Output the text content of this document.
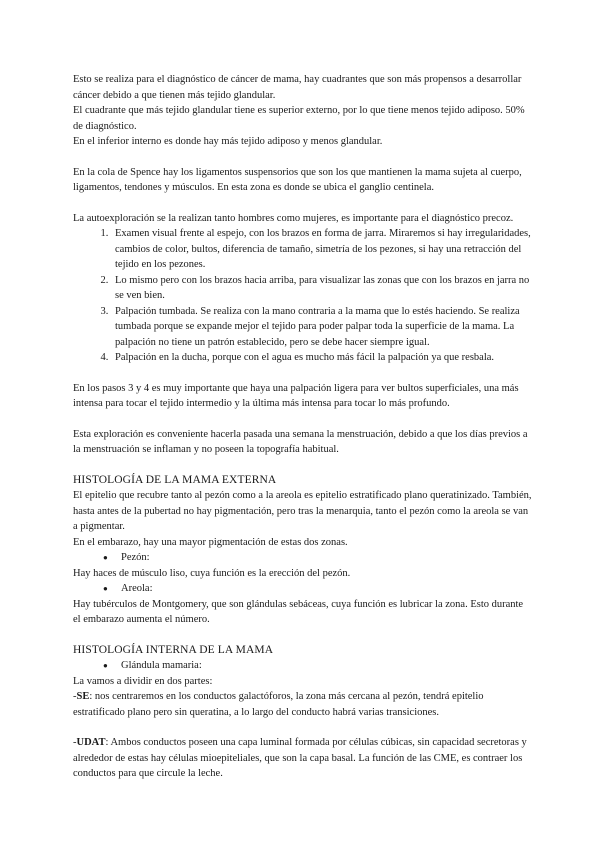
Esto se realiza para el diagnóstico de cáncer de mama, hay cuadrantes que son más propensos a desarrollar cáncer debido a que tienen más tejido glandular.

El cuadrante que más tejido glandular tiene es superior externo, por lo que tiene menos tejido adiposo. 50% de diagnóstico.

En el inferior interno es donde hay más tejido adiposo y menos glandular.

En la cola de Spence hay los ligamentos suspensorios que son los que mantienen la mama sujeta al cuerpo, ligamentos, tendones y músculos. En esta zona es donde se ubica el ganglio centinela.

La autoexploración se la realizan tanto hombres como mujeres, es importante para el diagnóstico precoz.

1. Examen visual frente al espejo, con los brazos en forma de jarra. Miraremos si hay irregularidades, cambios de color, bultos, diferencia de tamaño, simetría de los pezones, si hay una retracción del tejido en los pezones.
2. Lo mismo pero con los brazos hacia arriba, para visualizar las zonas que con los brazos en jarra no se ven bien.
3. Palpación tumbada. Se realiza con la mano contraria a la mama que lo estés haciendo. Se realiza tumbada porque se expande mejor el tejido para poder palpar toda la superficie de la mama. La palpación no tiene un patrón establecido, pero se debe hacer siempre igual.
4. Palpación en la ducha, porque con el agua es mucho más fácil la palpación ya que resbala.

En los pasos 3 y 4 es muy importante que haya una palpación ligera para ver bultos superficiales, una más intensa para tocar el tejido intermedio y la última más intensa para tocar lo más profundo.

Esta exploración es conveniente hacerla pasada una semana la menstruación, debido a que los días previos a la menstruación se inflaman y no poseen la topografía habitual.

HISTOLOGÍA DE LA MAMA EXTERNA

El epitelio que recubre tanto al pezón como a la areola es epitelio estratificado plano queratinizado. También, hasta antes de la pubertad no hay pigmentación, pero tras la menarquia, tanto el pezón como la areola se van a pigmentar.

En el embarazo, hay una mayor pigmentación de estas dos zonas.

● Pezón:

Hay haces de músculo liso, cuya función es la erección del pezón.

● Areola:

Hay tubérculos de Montgomery, que son glándulas sebáceas, cuya función es lubricar la zona. Esto durante el embarazo aumenta el número.

HISTOLOGÍA INTERNA DE LA MAMA

● Glándula mamaria:

La vamos a dividir en dos partes:

-SE: nos centraremos en los conductos galactóforos, la zona más cercana al pezón, tendrá epitelio estratificado plano pero sin queratina, a lo largo del conducto habrá varias transiciones.

-UDAT: Ambos conductos poseen una capa luminal formada por células cúbicas, sin capacidad secretoras y alrededor de estas hay células mioepiteliales, que son la capa basal. La función de las CME, es contraer los conductos para que circule la leche.
